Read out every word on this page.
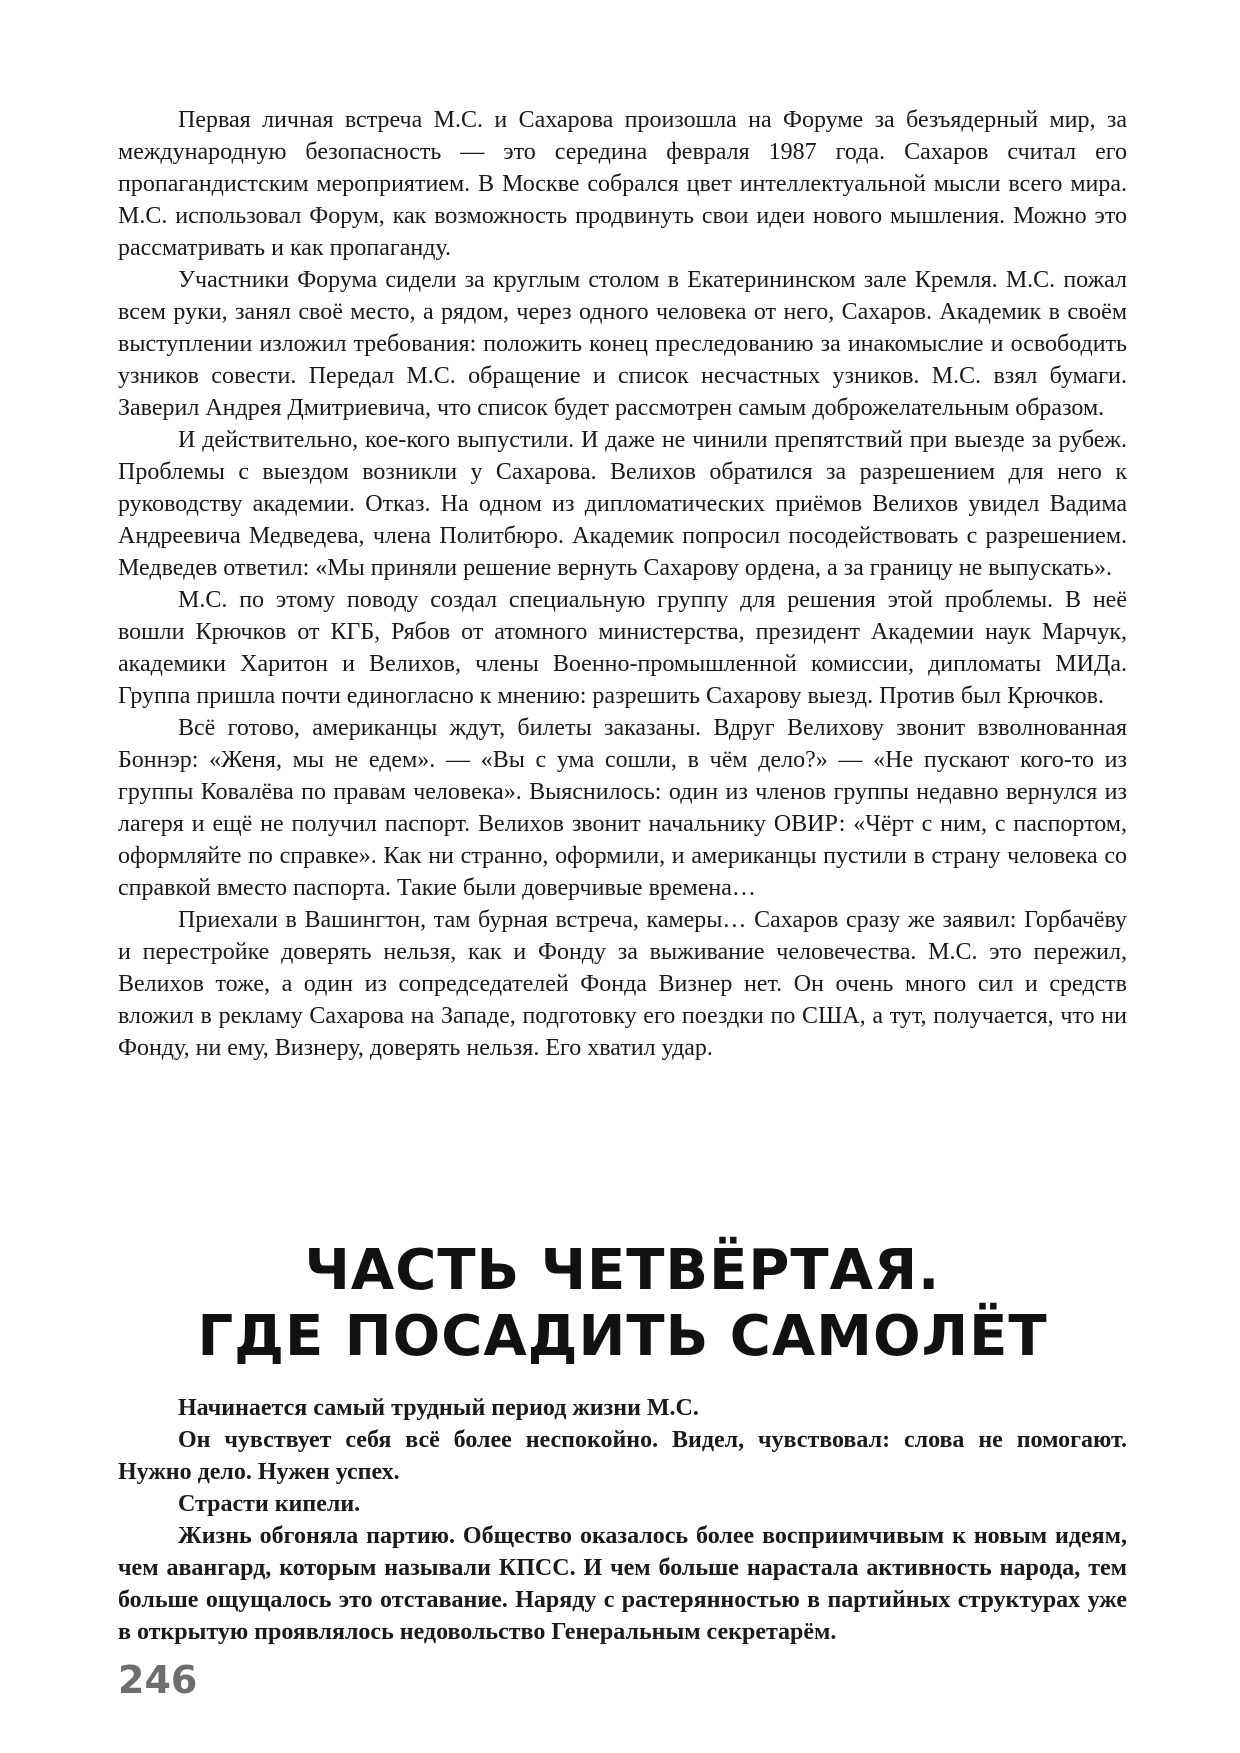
Первая личная встреча М.С. и Сахарова произошла на Форуме за безъядерный мир, за международную безопасность — это середина февраля 1987 года. Сахаров считал его пропагандистским мероприятием. В Москве собрался цвет интеллектуальной мысли всего мира. М.С. использовал Форум, как возможность продвинуть свои идеи нового мышления. Можно это рассматривать и как пропаганду.

Участники Форума сидели за круглым столом в Екатерининском зале Кремля. М.С. пожал всем руки, занял своё место, а рядом, через одного человека от него, Сахаров. Академик в своём выступлении изложил требования: положить конец преследованию за инакомыслие и освободить узников совести. Передал М.С. обращение и список несчастных узников. М.С. взял бумаги. Заверил Андрея Дмитриевича, что список будет рассмотрен самым доброжелательным образом.

И действительно, кое-кого выпустили. И даже не чинили препятствий при выезде за рубеж. Проблемы с выездом возникли у Сахарова. Велихов обратился за разрешением для него к руководству академии. Отказ. На одном из дипломатических приёмов Велихов увидел Вадима Андреевича Медведева, члена Политбюро. Академик попросил посодействовать с разрешением. Медведев ответил: «Мы приняли решение вернуть Сахарову ордена, а за границу не выпускать».

М.С. по этому поводу создал специальную группу для решения этой проблемы. В неё вошли Крючков от КГБ, Рябов от атомного министерства, президент Академии наук Марчук, академики Харитон и Велихов, члены Военно-промышленной комиссии, дипломаты МИДа. Группа пришла почти единогласно к мнению: разрешить Сахарову выезд. Против был Крючков.

Всё готово, американцы ждут, билеты заказаны. Вдруг Велихову звонит взволнованная Боннэр: «Женя, мы не едем». — «Вы с ума сошли, в чём дело?» — «Не пускают кого-то из группы Ковалёва по правам человека». Выяснилось: один из членов группы недавно вернулся из лагеря и ещё не получил паспорт. Велихов звонит начальнику ОВИР: «Чёрт с ним, с паспортом, оформляйте по справке». Как ни странно, оформили, и американцы пустили в страну человека со справкой вместо паспорта. Такие были доверчивые времена…

Приехали в Вашингтон, там бурная встреча, камеры… Сахаров сразу же заявил: Горбачёву и перестройке доверять нельзя, как и Фонду за выживание человечества. М.С. это пережил, Велихов тоже, а один из сопредседателей Фонда Визнер нет. Он очень много сил и средств вложил в рекламу Сахарова на Западе, подготовку его поездки по США, а тут, получается, что ни Фонду, ни ему, Визнеру, доверять нельзя. Его хватил удар.

ЧАСТЬ ЧЕТВЁРТАЯ.
ГДЕ ПОСАДИТЬ САМОЛЁТ

Начинается самый трудный период жизни М.С.

Он чувствует себя всё более неспокойно. Видел, чувствовал: слова не помогают. Нужно дело. Нужен успех.

Страсти кипели.

Жизнь обгоняла партию. Общество оказалось более восприимчивым к новым идеям, чем авангард, которым называли КПСС. И чем больше нарастала активность народа, тем больше ощущалось это отставание. Наряду с растерянностью в партийных структурах уже в открытую проявлялось недовольство Генеральным секретарём.

246
